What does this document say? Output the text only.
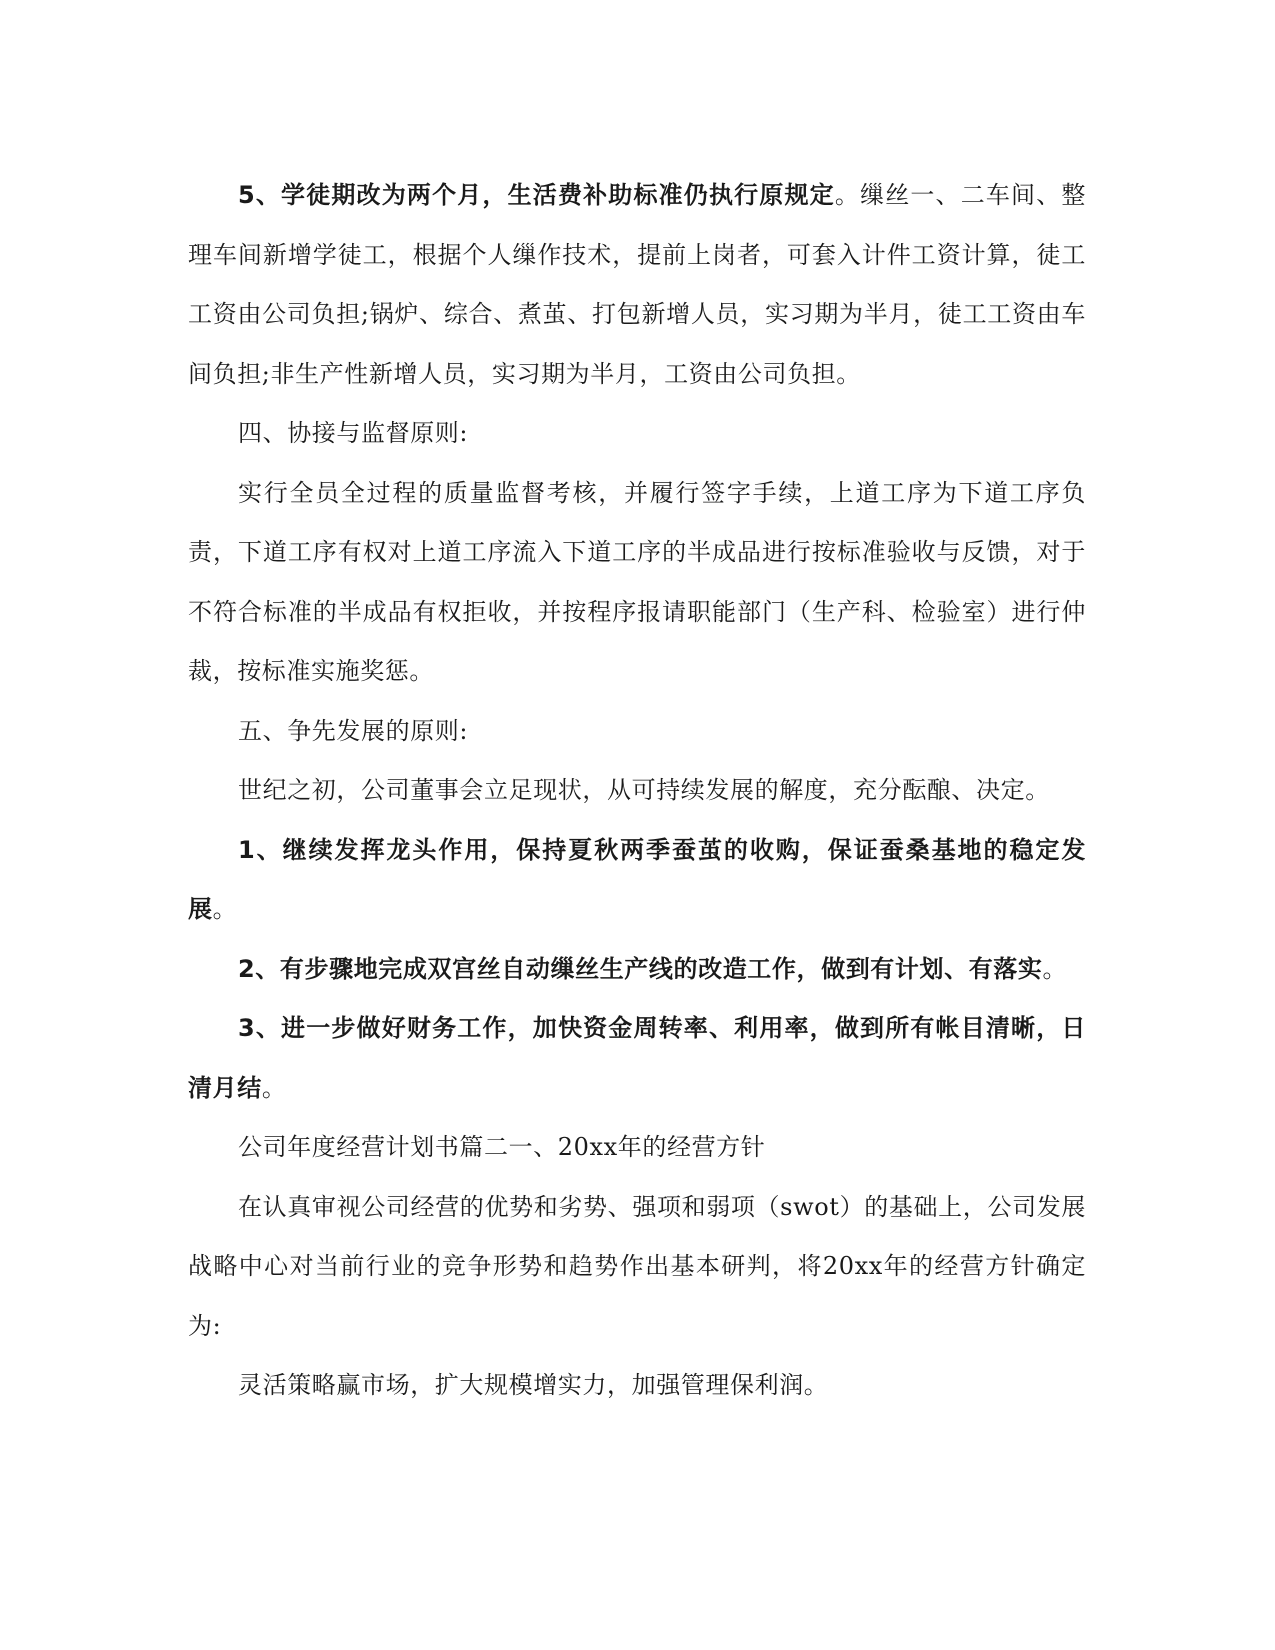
5、学徒期改为两个月，生活费补助标准仍执行原规定。缫丝一、二车间、整理车间新增学徒工，根据个人缫作技术，提前上岗者，可套入计件工资计算，徒工工资由公司负担;锅炉、综合、煮茧、打包新增人员，实习期为半月，徒工工资由车间负担;非生产性新增人员，实习期为半月，工资由公司负担。

四、协接与监督原则:

实行全员全过程的质量监督考核，并履行签字手续，上道工序为下道工序负责，下道工序有权对上道工序流入下道工序的半成品进行按标准验收与反馈，对于不符合标准的半成品有权拒收，并按程序报请职能部门（生产科、检验室）进行仲裁，按标准实施奖惩。

五、争先发展的原则:

世纪之初，公司董事会立足现状，从可持续发展的解度，充分酝酿、决定。

1、继续发挥龙头作用，保持夏秋两季蚕茧的收购，保证蚕桑基地的稳定发展。

2、有步骤地完成双宫丝自动缫丝生产线的改造工作，做到有计划、有落实。

3、进一步做好财务工作，加快资金周转率、利用率，做到所有帐目清晰，日清月结。

公司年度经营计划书篇二一、20xx年的经营方针

在认真审视公司经营的优势和劣势、强项和弱项（swot）的基础上，公司发展战略中心对当前行业的竞争形势和趋势作出基本研判，将20xx年的经营方针确定为:

灵活策略赢市场，扩大规模增实力，加强管理保利润。
